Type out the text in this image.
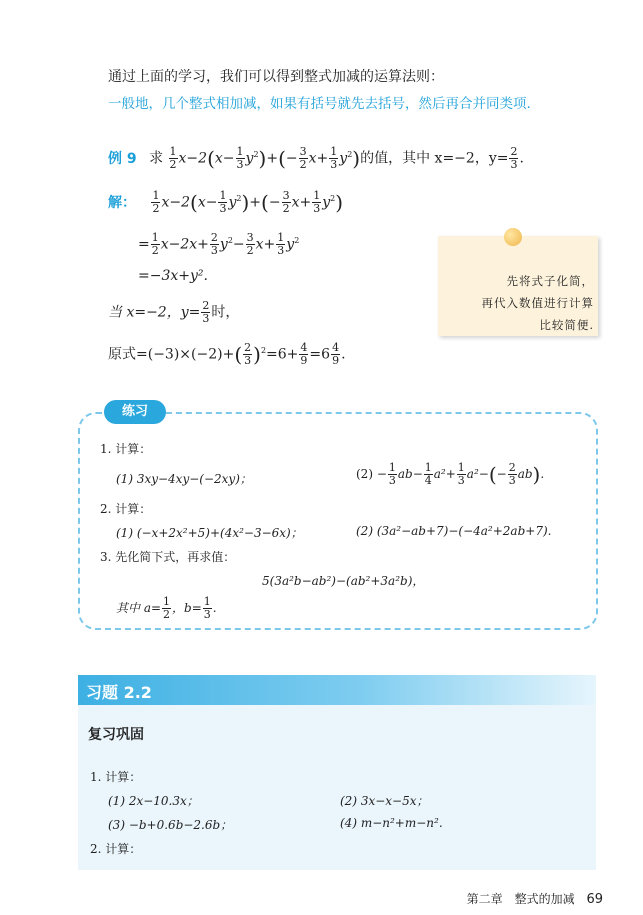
通过上面的学习，我们可以得到整式加减的运算法则：
一般地，几个整式相加减，如果有括号就先去括号，然后再合并同类项.
例 9 求 $\frac{1}{2} x-2(x- \frac{1}{3} y^2)+(- \frac{3}{2} x+ \frac{1}{3} y^2)$的值，其中 x=−2，$y= \frac{2}{3}$ .
解： $\frac{1}{2} x-2(x- \frac{1}{3} y^2)+(- \frac{3}{2} x+ \frac{1}{3} y^2)$
= $\frac{1}{2} x-2x+ \frac{2}{3} y^2- \frac{3}{2} x+ \frac{1}{3} y^2$
=−3x+y².
当 x=−2，$y= \frac{2}{3}$ 时，
原式$=(-3)\times(-2)+( \frac{2}{3} )^2=6+ \frac{4}{9} =6 \frac{4}{9}$ .
先将式子化简，
再代入数值进行计算
比较简便.
练习
1. 计算：
(1) 3xy−4xy−(−2xy)；	$(2) - \frac{1}{3} ab- \frac{1}{4} a^2+ \frac{1}{3} a^2-(- \frac{2}{3} ab)$.
2. 计算：
(1) (−x+2x²+5)+(4x²−3−6x)；	(2) (3a²−ab+7)−(−4a²+2ab+7).
3. 先化简下式，再求值：
5(3a²b−ab²)−(ab²+3a²b)，
其中 $a= \frac{1}{2}$ ，$b= \frac{1}{3}$ .
习题 2.2
复习巩固
1. 计算：
(1) 2x−10.3x；	(2) 3x−x−5x；
(3) −b+0.6b−2.6b；	(4) m−n²+m−n².
2. 计算：
第二章　整式的加减 69
